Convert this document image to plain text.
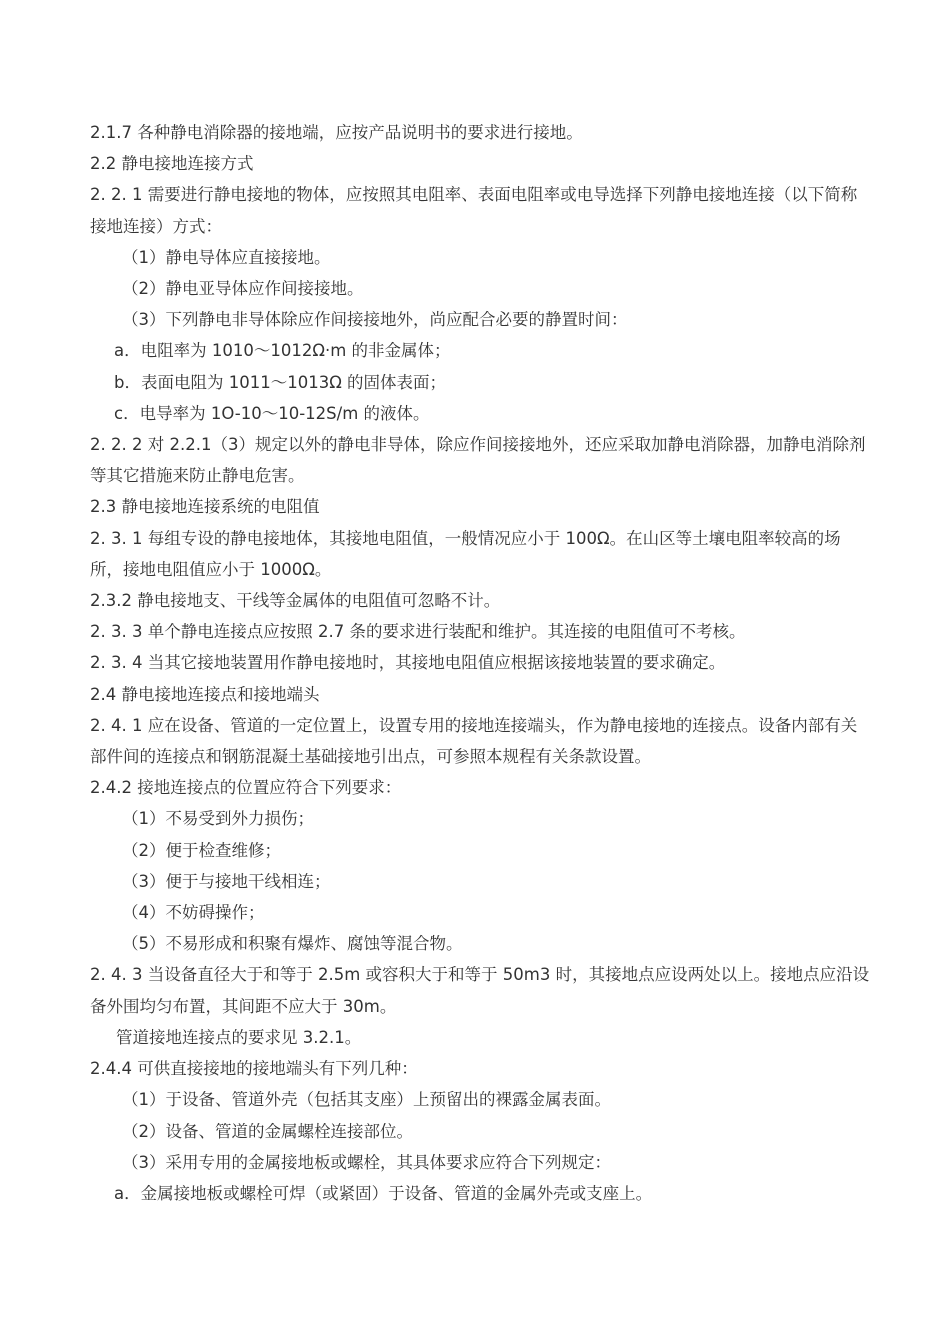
2.1.7 各种静电消除器的接地端，应按产品说明书的要求进行接地。
2.2 静电接地连接方式
2. 2. 1 需要进行静电接地的物体，应按照其电阻率、表面电阻率或电导选择下列静电接地连接（以下简称接地连接）方式：
（1）静电导体应直接接地。
（2）静电亚导体应作间接接地。
（3）下列静电非导体除应作间接接地外，尚应配合必要的静置时间：
a．电阻率为 1010～1012Ω·m 的非金属体；
b．表面电阻为 1011～1013Ω 的固体表面；
c．电导率为 1O-10～10-12S/m 的液体。
2. 2. 2 对 2.2.1（3）规定以外的静电非导体，除应作间接接地外，还应采取加静电消除器，加静电消除剂等其它措施来防止静电危害。
2.3 静电接地连接系统的电阻值
2. 3. 1 每组专设的静电接地体，其接地电阻值，一般情况应小于 100Ω。在山区等土壤电阻率较高的场所，接地电阻值应小于 1000Ω。
2.3.2 静电接地支、干线等金属体的电阻值可忽略不计。
2. 3. 3 单个静电连接点应按照 2.7 条的要求进行装配和维护。其连接的电阻值可不考核。
2. 3. 4 当其它接地装置用作静电接地时，其接地电阻值应根据该接地装置的要求确定。
2.4 静电接地连接点和接地端头
2. 4. 1 应在设备、管道的一定位置上，设置专用的接地连接端头，作为静电接地的连接点。设备内部有关部件间的连接点和钢筋混凝土基础接地引出点，可参照本规程有关条款设置。
2.4.2 接地连接点的位置应符合下列要求：
（1）不易受到外力损伤；
（2）便于检查维修；
（3）便于与接地干线相连；
（4）不妨碍操作；
（5）不易形成和积聚有爆炸、腐蚀等混合物。
2. 4. 3 当设备直径大于和等于 2.5m 或容积大于和等于 50m3 时，其接地点应设两处以上。接地点应沿设备外围均匀布置，其间距不应大于 30m。
管道接地连接点的要求见 3.2.1。
2.4.4 可供直接接地的接地端头有下列几种：
（1）于设备、管道外壳（包括其支座）上预留出的裸露金属表面。
（2）设备、管道的金属螺栓连接部位。
（3）采用专用的金属接地板或螺栓，其具体要求应符合下列规定：
a．金属接地板或螺栓可焊（或紧固）于设备、管道的金属外壳或支座上。
